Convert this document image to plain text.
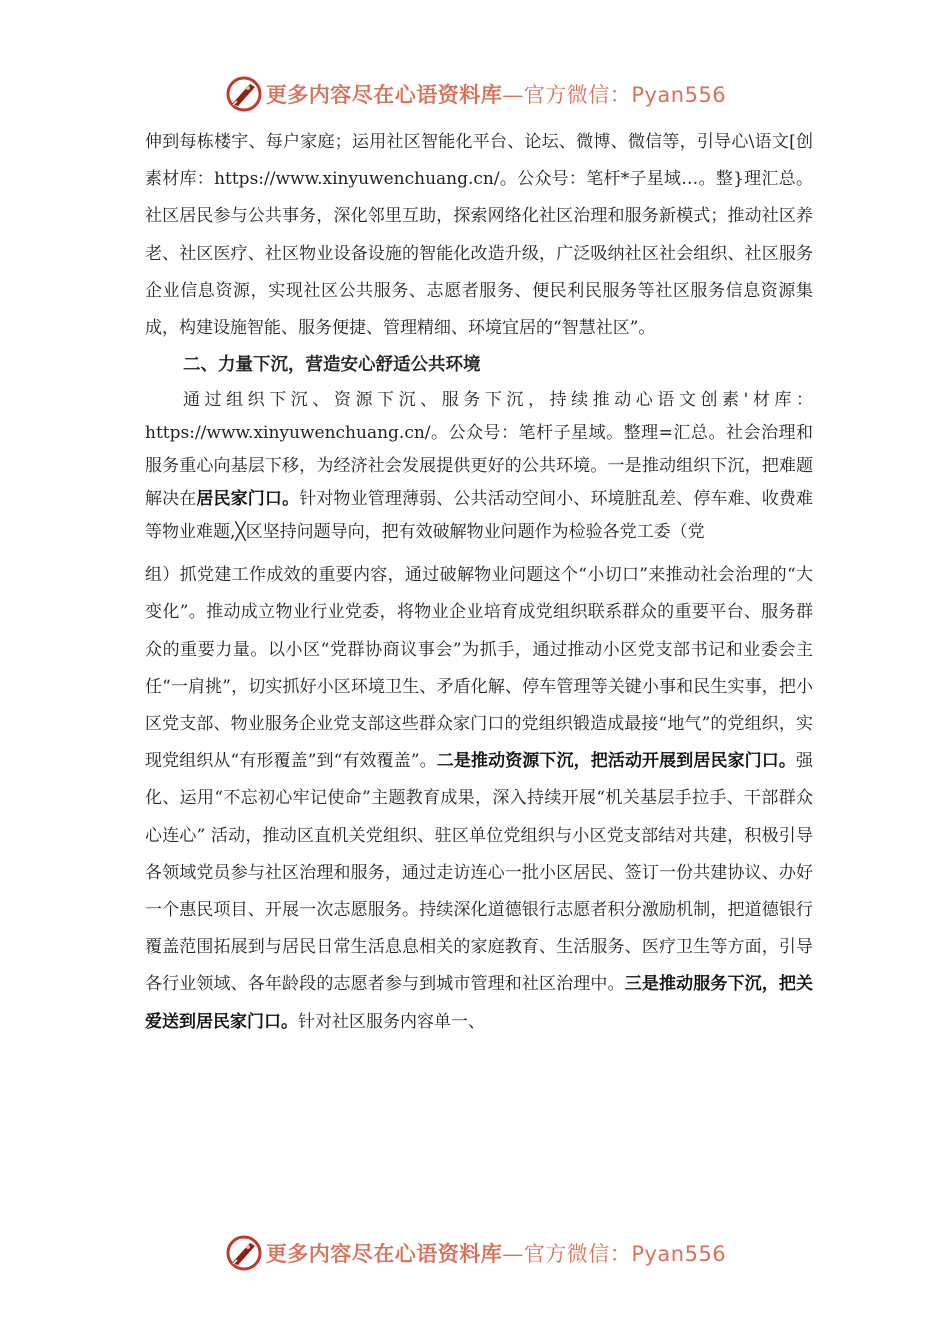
更多内容尽在心语资料库—官方微信：Pyan556

伸到每栋楼宇、每户家庭；运用社区智能化平台、论坛、微博、微信等，引导心\语文[创素材库：https://www.xinyuwenchuang.cn/。公众号：笔杆*子星域…。整}理汇总。社区居民参与公共事务，深化邻里互助，探索网络化社区治理和服务新模式；推动社区养老、社区医疗、社区物业设备设施的智能化改造升级，广泛吸纳社区社会组织、社区服务企业信息资源，实现社区公共服务、志愿者服务、便民利民服务等社区服务信息资源集成，构建设施智能、服务便捷、管理精细、环境宜居的“智慧社区”。

二、力量下沉，营造安心舒适公共环境

通过组织下沉、资源下沉、服务下沉，持续推动心语文创素'材库：https://www.xinyuwenchuang.cn/。公众号：笔杆子星域。整理=汇总。社会治理和服务重心向基层下移，为经济社会发展提供更好的公共环境。一是推动组织下沉，把难题解决在居民家门口。针对物业管理薄弱、公共活动空间小、环境脏乱差、停车难、收费难等物业难题,╳区坚持问题导向，把有效破解物业问题作为检验各党工委（党

组）抓党建工作成效的重要内容，通过破解物业问题这个“小切口”来推动社会治理的“大变化”。推动成立物业行业党委，将物业企业培育成党组织联系群众的重要平台、服务群众的重要力量。以小区“党群协商议事会”为抓手，通过推动小区党支部书记和业委会主任“一肩挑”，切实抓好小区环境卫生、矛盾化解、停车管理等关键小事和民生实事，把小区党支部、物业服务企业党支部这些群众家门口的党组织锻造成最接“地气”的党组织，实现党组织从“有形覆盖”到“有效覆盖”。二是推动资源下沉，把活动开展到居民家门口。强化、运用“不忘初心牢记使命”主题教育成果，深入持续开展“机关基层手拉手、干部群众心连心” 活动，推动区直机关党组织、驻区单位党组织与小区党支部结对共建，积极引导各领域党员参与社区治理和服务，通过走访连心一批小区居民、签订一份共建协议、办好一个惠民项目、开展一次志愿服务。持续深化道德银行志愿者积分激励机制，把道德银行覆盖范围拓展到与居民日常生活息息相关的家庭教育、生活服务、医疗卫生等方面，引导各行业领域、各年龄段的志愿者参与到城市管理和社区治理中。三是推动服务下沉，把关爱送到居民家门口。针对社区服务内容单一、

更多内容尽在心语资料库—官方微信：Pyan556
